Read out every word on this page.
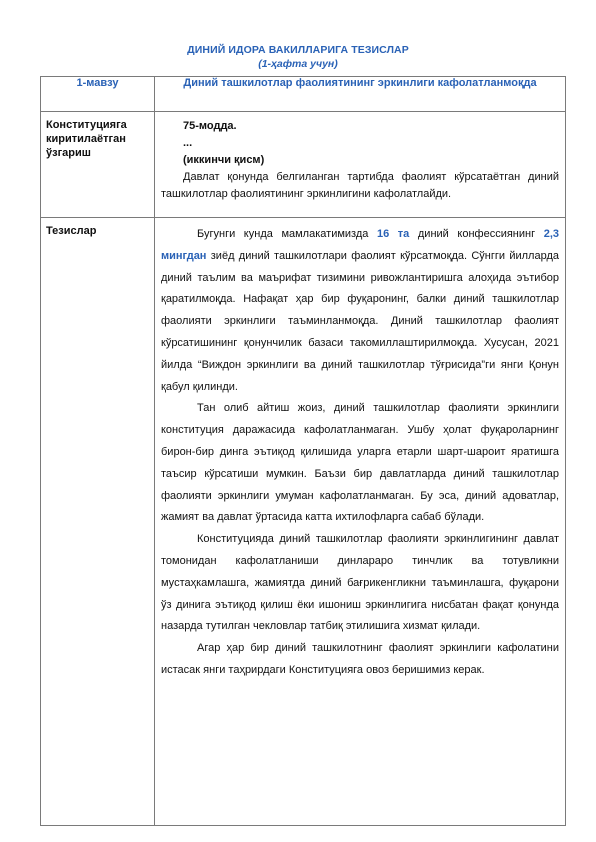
ДИНИЙ ИДОРА ВАКИЛЛАРИГА ТЕЗИСЛАР
(1-ҳафта учун)
1-мавзу	Диний ташкилотлар фаолиятининг эркинлиги кафолатланмоқда
Конституцияга киритилаётган ўзгариш	75-модда.
...
(иккинчи қисм)
Давлат қонунда белгиланган тартибда фаолият кўрсатаётган диний ташкилотлар фаолиятининг эркинлигини кафолатлайди.

Тезислар	Бугунги кунда мамлакатимизда 16 та диний конфессиянинг 2,3 мингдан зиёд диний ташкилотлари фаолият кўрсатмоқда. Сўнгги йилларда диний таълим ва маърифат тизимини ривожлантиришга алоҳида эътибор қаратилмоқда. Нафақат ҳар бир фуқаронинг, балки диний ташкилотлар фаолияти эркинлиги таъминланмоқда. Диний ташкилотлар фаолият кўрсатишининг қонунчилик базаси такомиллаштирилмоқда. Хусусан, 2021 йилда “Виждон эркинлиги ва диний ташкилотлар тўғрисида”ги янги Қонун қабул қилинди.

Тан олиб айтиш жоиз, диний ташкилотлар фаолияти эркинлиги конституция даражасида кафолатланмаган. Ушбу ҳолат фуқароларнинг бирон-бир динга эътиқод қилишида уларга етарли шарт-шароит яратишга таъсир кўрсатиши мумкин. Баъзи бир давлатларда диний ташкилотлар фаолияти эркинлиги умуман кафолатланмаган. Бу эса, диний адоватлар, жамият ва давлат ўртасида катта ихтилофларга сабаб бўлади.

Конституцияда диний ташкилотлар фаолияти эркинлигининг давлат томонидан кафолатланиши динлараро тинчлик ва тотувликни мустаҳкамлашга, жамиятда диний бағрикенгликни таъминлашга, фуқарони ўз динига эътиқод қилиш ёки ишониш эркинлигига нисбатан фақат қонунда назарда тутилган чекловлар татбиқ этилишига хизмат қилади.

Агар ҳар бир диний ташкилотнинг фаолият эркинлиги кафолатини истасак янги таҳрирдаги Конституцияга овоз беришимиз керак.
